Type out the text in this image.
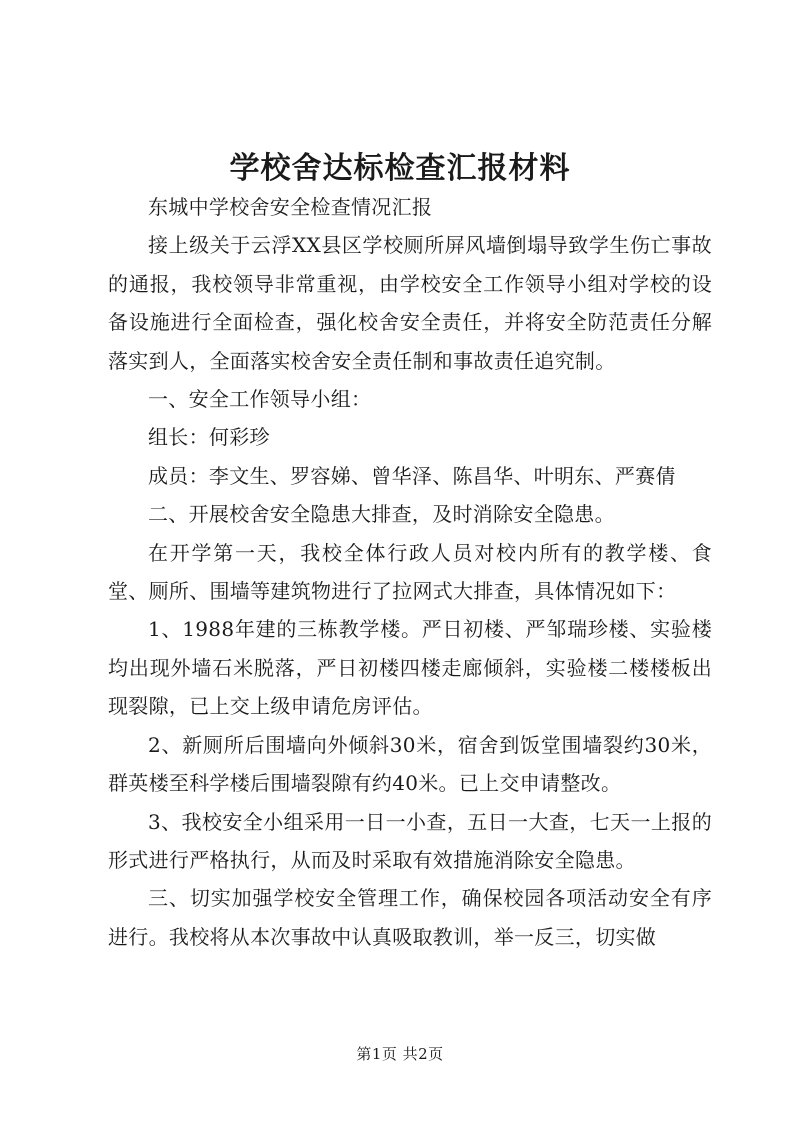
学校舍达标检查汇报材料

东城中学校舍安全检查情况汇报

接上级关于云浮XX县区学校厕所屏风墙倒塌导致学生伤亡事故的通报，我校领导非常重视，由学校安全工作领导小组对学校的设备设施进行全面检查，强化校舍安全责任，并将安全防范责任分解落实到人，全面落实校舍安全责任制和事故责任追究制。

一、安全工作领导小组：

组长：何彩珍

成员：李文生、罗容娣、曾华泽、陈昌华、叶明东、严赛倩

二、开展校舍安全隐患大排查，及时消除安全隐患。

在开学第一天，我校全体行政人员对校内所有的教学楼、食堂、厕所、围墙等建筑物进行了拉网式大排查，具体情况如下：

1、1988年建的三栋教学楼。严日初楼、严邹瑞珍楼、实验楼均出现外墙石米脱落，严日初楼四楼走廊倾斜，实验楼二楼楼板出现裂隙，已上交上级申请危房评估。

2、新厕所后围墙向外倾斜30米，宿舍到饭堂围墙裂约30米，群英楼至科学楼后围墙裂隙有约40米。已上交申请整改。

3、我校安全小组采用一日一小查，五日一大查，七天一上报的形式进行严格执行，从而及时采取有效措施消除安全隐患。

三、切实加强学校安全管理工作，确保校园各项活动安全有序进行。我校将从本次事故中认真吸取教训，举一反三，切实做

第1页 共2页
